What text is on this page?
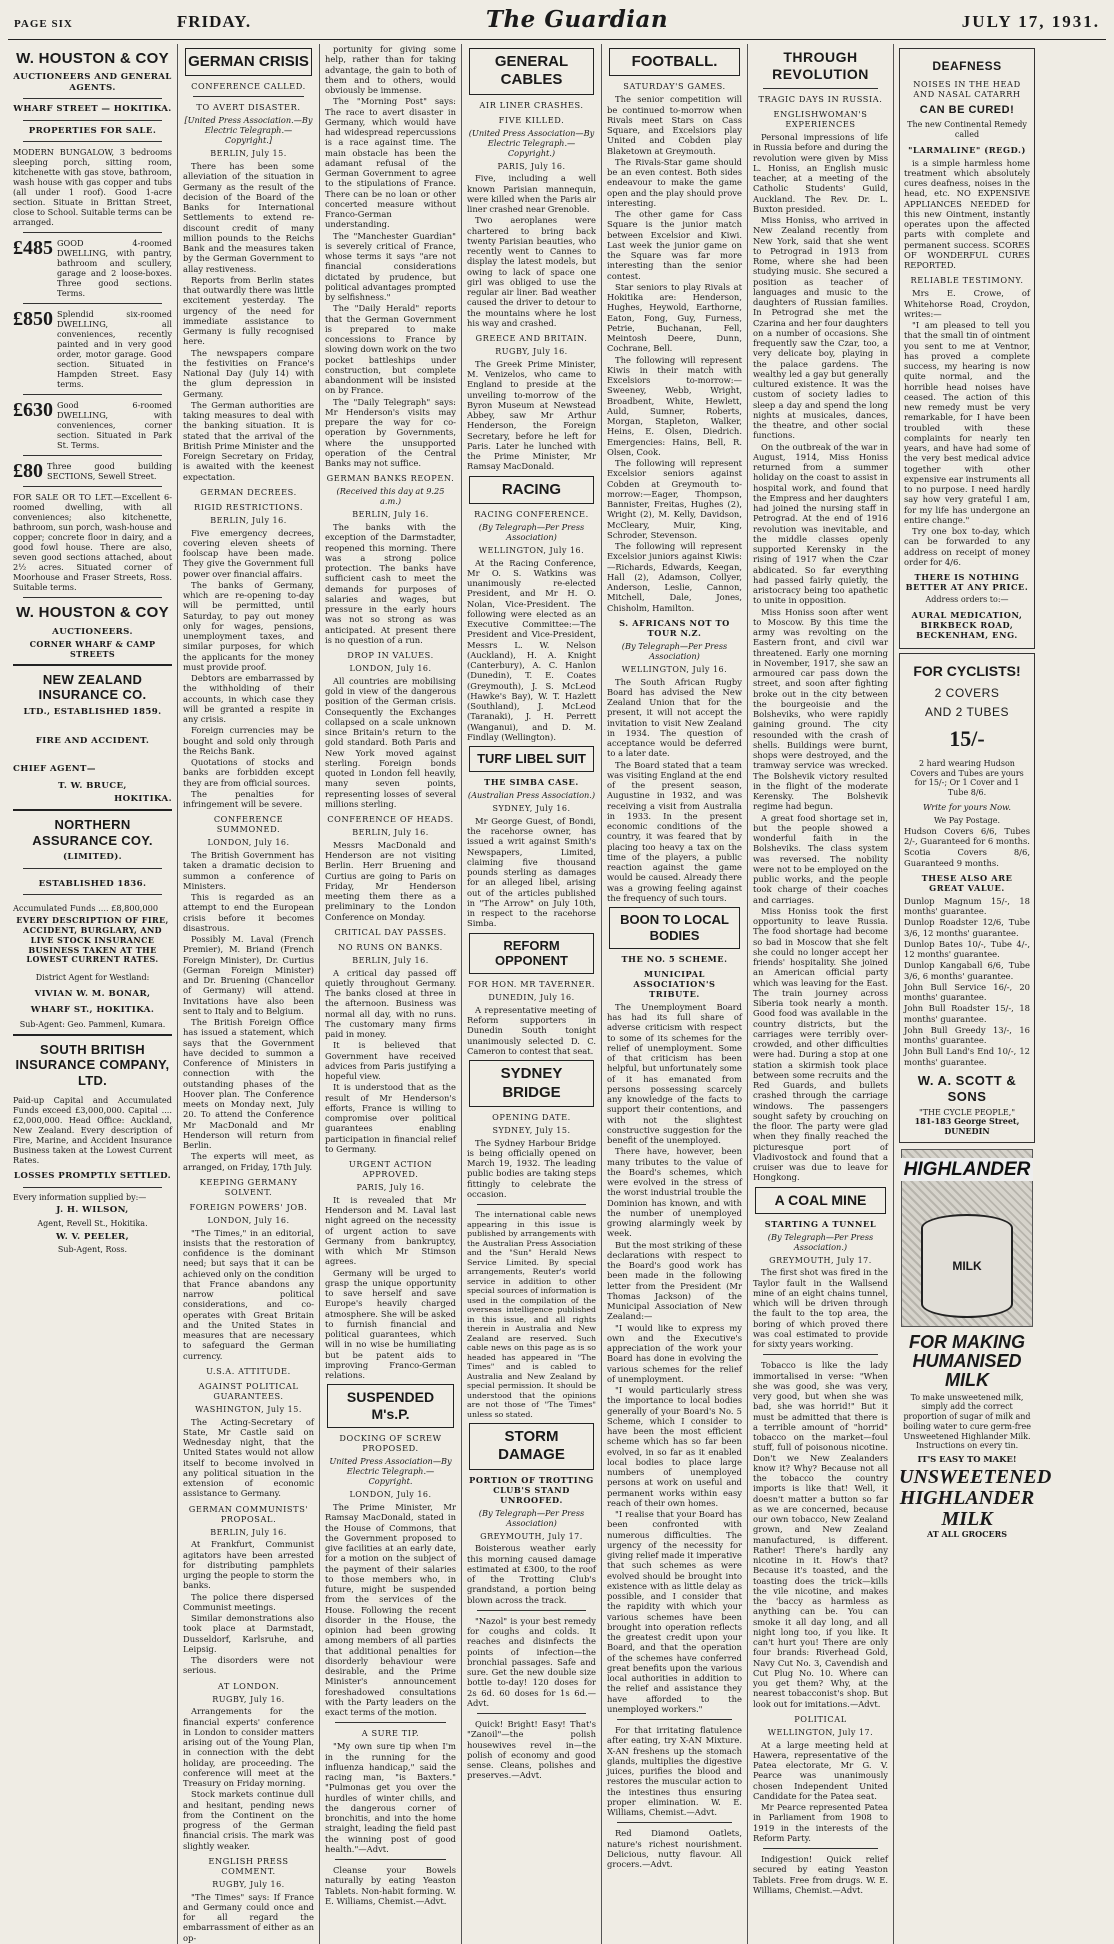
PAGE SIX	FRIDAY.	The Guardian	JULY 17, 1931.
W. HOUSTON & COY
AUCTIONEERS AND GENERAL AGENTS.
WHARF STREET — HOKITIKA.
PROPERTIES FOR SALE.
MODERN BUNGALOW, 3 bedrooms sleeping porch, sitting room, kitchenette with gas stove, bathroom, wash house with gas copper and tubs (all under 1 roof). Good 1-acre section. Situate in Brittan Street, close to School. Suitable terms can be arranged.
£485 GOOD 4-roomed DWELLING, with pantry, bathroom and scullery, garage and 2 loose-boxes. Three good sections. Terms.
£850 Splendid six-roomed DWELLING, all conveniences, recently painted and in very good order, motor garage. Good section. Situated in Hampden Street. Easy terms.
£630 Good 6-roomed DWELLING, with conveniences, corner section. Situated in Park St. Terms.
£80 Three good building SECTIONS, Sewell Street.
FOR SALE OR TO LET.—Excellent 6-roomed dwelling, with all conveniences; also kitchenette, bathroom, sun porch, wash-house and copper; concrete floor in dairy, and a good fowl house. There are also, seven good sections attached, about 2½ acres. Situated corner of Moorhouse and Fraser Streets, Ross. Suitable terms.
W. HOUSTON & COY
AUCTIONEERS.
CORNER WHARF & CAMP STREETS
NEW ZEALAND INSURANCE CO.
LTD., ESTABLISHED 1859.
FIRE AND ACCIDENT.
CHIEF AGENT—
T. W. BRUCE,
HOKITIKA.
NORTHERN ASSURANCE COY.
(LIMITED).
ESTABLISHED 1836.
Accumulated Funds .... £8,800,000
EVERY DESCRIPTION OF FIRE, ACCIDENT, BURGLARY, AND LIVE STOCK INSURANCE BUSINESS TAKEN AT THE LOWEST CURRENT RATES.
District Agent for Westland:
VIVIAN W. M. BONAR,
WHARF ST., HOKITIKA.
Sub-Agent: Geo. Pammenl, Kumara.
SOUTH BRITISH INSURANCE COMPANY, LTD.
Paid-up Capital and Accumulated Funds exceed £3,000,000. Capital .... £2,000,000. Head Office: Auckland, New Zealand. Every description of Fire, Marine, and Accident Insurance Business taken at the Lowest Current Rates.
LOSSES PROMPTLY SETTLED.
Every information supplied by:—
J. H. WILSON,
Agent, Revell St., Hokitika.
W. V. PEELER,
Sub-Agent, Ross.
GERMAN CRISIS
CONFERENCE CALLED.
TO AVERT DISASTER.
[United Press Association.—By Electric Telegraph.—Copyright.]
BERLIN, July 15.
There has been some alleviation of the situation in Germany as the result of the decision of the Board of the Banks for International Settlements to extend re-discount credit of many million pounds to the Reichs Bank and the measures taken by the German Government to allay restiveness.
Reports from Berlin states that outwardly there was little excitement yesterday. The urgency of the need for immediate assistance to Germany is fully recognised here.
The newspapers compare the festivities on France's National Day (July 14) with the glum depression in Germany.
The German authorities are taking measures to deal with the banking situation. It is stated that the arrival of the British Prime Minister and the Foreign Secretary on Friday, is awaited with the keenest expectation.
GERMAN DECREES.
RIGID RESTRICTIONS.
BERLIN, July 16.
Five emergency decrees, covering eleven sheets of foolscap have been made. They give the Government full power over financial affairs.
The banks of Germany, which are re-opening to-day will be permitted, until Saturday, to pay out money only for wages, pensions, unemployment taxes, and similar purposes, for which the applicants for the money must provide proof.
Debtors are embarrassed by the withholding of their accounts, in which case they will be granted a respite in any crisis.
Foreign currencies may be bought and sold only through the Reichs Bank.
Quotations of stocks and banks are forbidden except they are from official sources.
The penalties for infringement will be severe.
CONFERENCE SUMMONED.
LONDON, July 16.
The British Government has taken a dramatic decision to summon a conference of Ministers.
This is regarded as an attempt to end the European crisis before it becomes disastrous.
Possibly M. Laval (French Premier), M. Briand (French Foreign Minister), Dr. Curtius (German Foreign Minister) and Dr. Bruening (Chancellor of Germany) will attend. Invitations have also been sent to Italy and to Belgium.
The British Foreign Office has issued a statement, which says that the Government have decided to summon a Conference of Ministers in connection with the outstanding phases of the Hoover plan. The Conference meets on Monday next, July 20. To attend the Conference Mr MacDonald and Mr Henderson will return from Berlin.
The experts will meet, as arranged, on Friday, 17th July.
KEEPING GERMANY SOLVENT.
FOREIGN POWERS' JOB.
LONDON, July 16.
"The Times," in an editorial, insists that the restoration of confidence is the dominant need; but says that it can be achieved only on the condition that France abandons any narrow political considerations, and co-operates with Great Britain and the United States in measures that are necessary to safeguard the German currency.
U.S.A. ATTITUDE.
AGAINST POLITICAL GUARANTEES.
WASHINGTON, July 15.
The Acting-Secretary of State, Mr Castle said on Wednesday night, that the United States would not allow itself to become involved in any political situation in the extension of economic assistance to Germany.
GERMAN COMMUNISTS' PROPOSAL.
BERLIN, July 16.
At Frankfurt, Communist agitators have been arrested for distributing pamphlets urging the people to storm the banks.
The police there dispersed Communist meetings.
Similar demonstrations also took place at Darmstadt, Dusseldorf, Karlsruhe, and Leipsig.
The disorders were not serious.
AT LONDON.
RUGBY, July 16.
Arrangements for the financial experts' conference in London to consider matters arising out of the Young Plan, in connection with the debt holiday, are proceeding. The conference will meet at the Treasury on Friday morning.
Stock markets continue dull and hesitant, pending news from the Continent on the progress of the German financial crisis. The mark was slightly weaker.
ENGLISH PRESS COMMENT.
RUGBY, July 16.
"The Times" says: If France and Germany could once and for all regard the embarrassment of either as an op-
portunity for giving some help, rather than for taking advantage, the gain to both of them and to others, would obviously be immense.
The "Morning Post" says: The race to avert disaster in Germany, which would have had widespread repercussions is a race against time. The main obstacle has been the adamant refusal of the German Government to agree to the stipulations of France. There can be no loan or other concerted measure without Franco-German understanding.
The "Manchester Guardian" is severely critical of France, whose terms it says "are not financial considerations dictated by prudence, but political advantages prompted by selfishness."
The "Daily Herald" reports that the German Government is prepared to make concessions to France by slowing down work on the two pocket battleships under construction, but complete abandonment will be insisted on by France.
The "Daily Telegraph" says: Mr Henderson's visits may prepare the way for co-operation by Governments, where the unsupported operation of the Central Banks may not suffice.
GERMAN BANKS REOPEN.
(Received this day at 9.25 a.m.)
BERLIN, July 16.
The banks with the exception of the Darmstadter, reopened this morning. There was a strong police protection. The banks have sufficient cash to meet the demands for purposes of salaries and wages, but pressure in the early hours was not so strong as was anticipated. At present there is no question of a run.
DROP IN VALUES.
LONDON, July 16.
All countries are mobilising gold in view of the dangerous position of the German crisis. Consequently the Exchanges collapsed on a scale unknown since Britain's return to the gold standard. Both Paris and New York moved against sterling. Foreign bonds quoted in London fell heavily, many seven points, representing losses of several millions sterling.
CONFERENCE OF HEADS.
BERLIN, July 16.
Messrs MacDonald and Henderson are not visiting Berlin. Herr Bruening and Curtius are going to Paris on Friday, Mr Henderson meeting them there as a preliminary to the London Conference on Monday.
CRITICAL DAY PASSES.
NO RUNS ON BANKS.
BERLIN, July 16.
A critical day passed off quietly throughout Germany. The banks closed at three in the afternoon. Business was normal all day, with no runs. The customary many firms paid in money.
It is believed that Government have received advices from Paris justifying a hopeful view.
It is understood that as the result of Mr Henderson's efforts, France is willing to compromise over political guarantees enabling participation in financial relief to Germany.
URGENT ACTION APPROVED.
PARIS, July 16.
It is revealed that Mr Henderson and M. Laval last night agreed on the necessity of urgent action to save Germany from bankruptcy, with which Mr Stimson agrees.
Germany will be urged to grasp the unique opportunity to save herself and save Europe's heavily charged atmosphere. She will be asked to furnish financial and political guarantees, which will in no wise be humiliating but be patent aids to improving Franco-German relations.
SUSPENDED M's.P.
DOCKING OF SCREW PROPOSED.
United Press Association—By Electric Telegraph.—Copyright.
LONDON, July 16.
The Prime Minister, Mr Ramsay MacDonald, stated in the House of Commons, that the Government proposed to give facilities at an early date, for a motion on the subject of the payment of their salaries to those members who, in future, might be suspended from the services of the House. Following the recent disorder in the House, the opinion had been growing among members of all parties that additional penalties for disorderly behaviour were desirable, and the Prime Minister's announcement foreshadowed consultations with the Party leaders on the exact terms of the motion.
A SURE TIP.
"My own sure tip when I'm in the running for the influenza handicap," said the racing man, "is Baxters." "Pulmonas get you over the hurdles of winter chills, and the dangerous corner of bronchitis, and into the home straight, leading the field past the winning post of good health."—Advt.
Cleanse your Bowels naturally by eating Yeaston Tablets. Non-habit forming. W. E. Williams, Chemist.—Advt.
GENERAL CABLES
AIR LINER CRASHES.
FIVE KILLED.
(United Press Association—By Electric Telegraph.—Copyright.)
PARIS, July 16.
Five, including a well known Parisian mannequin, were killed when the Paris air liner crashed near Grenoble.
Two aeroplanes were chartered to bring back twenty Parisian beauties, who recently went to Cannes to display the latest models, but owing to lack of space one girl was obliged to use the regular air liner. Bad weather caused the driver to detour to the mountains where he lost his way and crashed.
GREECE AND BRITAIN.
RUGBY, July 16.
The Greek Prime Minister, M. Venizelos, who came to England to preside at the unveiling to-morrow of the Byron Museum at Newstead Abbey, saw Mr Arthur Henderson, the Foreign Secretary, before he left for Paris. Later he lunched with the Prime Minister, Mr Ramsay MacDonald.
RACING
RACING CONFERENCE.
(By Telegraph—Per Press Association)
WELLINGTON, July 16.
At the Racing Conference, Mr O. S. Watkins was unanimously re-elected President, and Mr H. O. Nolan, Vice-President. The following were elected as an Executive Committee:—The President and Vice-President, Messrs L. W. Nelson (Auckland), H. A. Knight (Canterbury), A. C. Hanlon (Dunedin), T. E. Coates (Greymouth), J. S. McLeod (Hawke's Bay), W. T. Hazlett (Southland), J. McLeod (Taranaki), J. H. Perrett (Wanganui), and D. M. Findlay (Wellington).
TURF LIBEL SUIT
THE SIMBA CASE.
(Australian Press Association.)
SYDNEY, July 16.
Mr George Guest, of Bondi, the racehorse owner, has issued a writ against Smith's Newspapers, Limited, claiming five thousand pounds sterling as damages for an alleged libel, arising out of the articles published in "The Arrow" on July 10th, in respect to the racehorse Simba.
REFORM OPPONENT
FOR HON. MR TAVERNER.
DUNEDIN, July 16.
A representative meeting of Reform supporters in Dunedin South tonight unanimously selected D. C. Cameron to contest that seat.
SYDNEY BRIDGE
OPENING DATE.
SYDNEY, July 15.
The Sydney Harbour Bridge is being officially opened on March 19, 1932. The leading public bodies are taking steps fittingly to celebrate the occasion.
The international cable news appearing in this issue is published by arrangements with the Australian Press Association and the "Sun" Herald News Service Limited. By special arrangements, Reuter's world service in addition to other special sources of information is used in the compilation of the overseas intelligence published in this issue, and all rights therein in Australia and New Zealand are reserved. Such cable news on this page as is so headed has appeared in "The Times" and is cabled to Australia and New Zealand by special permission. It should be understood that the opinions are not those of "The Times" unless so stated.
STORM DAMAGE
PORTION OF TROTTING CLUB'S STAND UNROOFED.
(By Telegraph—Per Press Association)
GREYMOUTH, July 17.
Boisterous weather early this morning caused damage estimated at £300, to the roof of the Trotting Club's grandstand, a portion being blown across the track.
"Nazol" is your best remedy for coughs and colds. It reaches and disinfects the points of infection—the bronchial passages. Safe and sure. Get the new double size bottle to-day! 120 doses for 2s 6d. 60 doses for 1s 6d.—Advt.
Quick! Bright! Easy! That's "Zanoil"—the polish housewives revel in—the polish of economy and good sense. Cleans, polishes and preserves.—Advt.
FOOTBALL.
SATURDAY'S GAMES.
The senior competition will be continued to-morrow when Rivals meet Stars on Cass Square, and Excelsiors play United and Cobden play Blaketown at Greymouth.
The Rivals-Star game should be an even contest. Both sides endeavour to make the game open and the play should prove interesting.
The other game for Cass Square is the junior match between Excelsior and Kiwi. Last week the junior game on the Square was far more interesting than the senior contest.
Star seniors to play Rivals at Hokitika are: Henderson, Hughes, Heywold, Earthorne, Eaton, Fong, Guy, Furness, Petrie, Buchanan, Fell, Meintosh Deere, Dunn, Cochrane, Bell.
The following will represent Kiwis in their match with Excelsiors to-morrow:—Sweeney, Webb, Wright, Broadbent, White, Hewlett, Auld, Sumner, Roberts, Morgan, Stapleton, Walker, Heins, E. Olsen, Diedrich. Emergencies: Hains, Bell, R. Olsen, Cook.
The following will represent Excelsior seniors against Cobden at Greymouth to-morrow:—Eager, Thompson, Bannister, Freitas, Hughes (2), Wright (2), M. Kelly, Davidson, McCleary, Muir, King, Schroder, Stevenson.
The following will represent Excelsior juniors against Kiwis:—Richards, Edwards, Keegan, Hall (2), Adamson, Collyer, Anderson, Leslie, Cannon, Mitchell, Dale, Jones, Chisholm, Hamilton.
S. AFRICANS NOT TO TOUR N.Z.
(By Telegraph—Per Press Association)
WELLINGTON, July 16.
The South African Rugby Board has advised the New Zealand Union that for the present, it will not accept the invitation to visit New Zealand in 1934. The question of acceptance would be deferred to a later date.
The Board stated that a team was visiting England at the end of the present season, Augustine in 1932, and was receiving a visit from Australia in 1933. In the present economic conditions of the country, it was feared that by placing too heavy a tax on the time of the players, a public reaction against the game would be caused. Already there was a growing feeling against the frequency of such tours.
BOON TO LOCAL BODIES
THE NO. 5 SCHEME.
MUNICIPAL ASSOCIATION'S TRIBUTE.
The Unemployment Board has had its full share of adverse criticism with respect to some of its schemes for the relief of unemployment. Some of that criticism has been helpful, but unfortunately some of it has emanated from persons possessing scarcely any knowledge of the facts to support their contentions, and with not the slightest constructive suggestion for the benefit of the unemployed.
There have, however, been many tributes to the value of the Board's schemes, which were evolved in the stress of the worst industrial trouble the Dominion has known, and with the number of unemployed growing alarmingly week by week.
But the most striking of these declarations with respect to the Board's good work has been made in the following letter from the President (Mr Thomas Jackson) of the Municipal Association of New Zealand:—
"I would like to express my own and the Executive's appreciation of the work your Board has done in evolving the various schemes for the relief of unemployment.
"I would particularly stress the importance to local bodies generally of your Board's No. 5 Scheme, which I consider to have been the most efficient scheme which has so far been evolved, in so far as it enabled local bodies to place large numbers of unemployed persons at work on useful and permanent works within easy reach of their own homes.
"I realise that your Board has been confronted with numerous difficulties. The urgency of the necessity for giving relief made it imperative that such schemes as were evolved should be brought into existence with as little delay as possible, and I consider that the rapidity with which your various schemes have been brought into operation reflects the greatest credit upon your Board, and that the operation of the schemes have conferred great benefits upon the various local authorities in addition to the relief and assistance they have afforded to the unemployed workers."
For that irritating flatulence after eating, try X-AN Mixture. X-AN freshens up the stomach glands, multiplies the digestive juices, purifies the blood and restores the muscular action to the intestines thus ensuring proper elimination. W. E. Williams, Chemist.—Advt.
Red Diamond Oatlets, nature's richest nourishment. Delicious, nutty flavour. All grocers.—Advt.
THROUGH REVOLUTION
TRAGIC DAYS IN RUSSIA.
ENGLISHWOMAN'S EXPERIENCES
Personal impressions of life in Russia before and during the revolution were given by Miss L. Honiss, an English music teacher, at a meeting of the Catholic Students' Guild, Auckland. The Rev. Dr. L. Buxton presided.
Miss Honiss, who arrived in New Zealand recently from New York, said that she went to Petrograd in 1913 from Rome, where she had been studying music. She secured a position as teacher of languages and music to the daughters of Russian families. In Petrograd she met the Czarina and her four daughters on a number of occasions. She frequently saw the Czar, too, a very delicate boy, playing in the palace gardens. The wealthy led a gay but generally cultured existence. It was the custom of society ladies to sleep a day and spend the long nights at musicales, dances, the theatre, and other social functions.
On the outbreak of the war in August, 1914, Miss Honiss returned from a summer holiday on the coast to assist in hospital work, and found that the Empress and her daughters had joined the nursing staff in Petrograd. At the end of 1916 revolution was inevitable, and the middle classes openly supported Kerensky in the rising of 1917 when the Czar abdicated. So far everything had passed fairly quietly, the aristocracy being too apathetic to unite in opposition.
Miss Honiss soon after went to Moscow. By this time the army was revolting on the Eastern front, and civil war threatened. Early one morning in November, 1917, she saw an armoured car pass down the street, and soon after fighting broke out in the city between the bourgeoisie and the Bolsheviks, who were rapidly gaining ground. The city resounded with the crash of shells. Buildings were burnt, shops were destroyed, and the tramway service was wrecked. The Bolshevik victory resulted in the flight of the moderate Kerensky. The Bolshevik regime had begun.
A great food shortage set in, but the people showed a wonderful faith in the Bolsheviks. The class system was reversed. The nobility were not to be employed on the public works, and the people took charge of their coaches and carriages.
Miss Honiss took the first opportunity to leave Russia. The food shortage had become so bad in Moscow that she felt she could no longer accept her friends' hospitality. She joined an American official party which was leaving for the East. The train journey across Siberia took nearly a month. Good food was available in the country districts, but the carriages were terribly over-crowded, and other difficulties were had. During a stop at one station a skirmish took place between some recruits and the Red Guards, and bullets crashed through the carriage windows. The passengers sought safety by crouching on the floor. The party were glad when they finally reached the picturesque port of Vladivostock and found that a cruiser was due to leave for Hongkong.
A COAL MINE
STARTING A TUNNEL
(By Telegraph—Per Press Association.)
GREYMOUTH, July 17.
The first shot was fired in the Taylor fault in the Wallsend mine of an eight chains tunnel, which will be driven through the fault to the top area, the boring of which proved there was coal estimated to provide for sixty years working.
Tobacco is like the lady immortalised in verse: "When she was good, she was very, very good, but when she was bad, she was horrid!" But it must be admitted that there is a terrible amount of "horrid" tobacco on the market—foul stuff, full of poisonous nicotine. Don't we New Zealanders know it? Why? Because not all the tobacco the country imports is like that! Well, it doesn't matter a button so far as we are concerned, because our own tobacco, New Zealand grown, and New Zealand manufactured, is different. Rather! There's hardly any nicotine in it. How's that? Because it's toasted, and the toasting does the trick—kills the vile nicotine, and makes the 'baccy as harmless as anything can be. You can smoke it all day long, and all night long too, if you like. It can't hurt you! There are only four brands: Riverhead Gold, Navy Cut No. 3, Cavendish and Cut Plug No. 10. Where can you get them? Why, at the nearest tobacconist's shop. But look out for imitations.—Advt.
POLITICAL
WELLINGTON, July 17.
At a large meeting held at Hawera, representative of the Patea electorate, Mr G. V. Pearce was unanimously chosen Independent United Candidate for the Patea seat.
Mr Pearce represented Patea in Parliament from 1908 to 1919 in the interests of the Reform Party.
Indigestion! Quick relief secured by eating Yeaston Tablets. Free from drugs. W. E. Williams, Chemist.—Advt.
DEAFNESS
NOISES IN THE HEAD AND NASAL CATARRH
CAN BE CURED!
The new Continental Remedy called
"LARMALINE" (REGD.)
is a simple harmless home treatment which absolutely cures deafness, noises in the head, etc. NO EXPENSIVE APPLIANCES NEEDED for this new Ointment, instantly operates upon the affected parts with complete and permanent success. SCORES OF WONDERFUL CURES REPORTED.
RELIABLE TESTIMONY.
Mrs E. Crowe, of Whitehorse Road, Croydon, writes:—
"I am pleased to tell you that the small tin of ointment you sent to me at Ventnor, has proved a complete success, my hearing is now quite normal, and the horrible head noises have ceased. The action of this new remedy must be very remarkable, for I have been troubled with these complaints for nearly ten years, and have had some of the very best medical advice together with other expensive ear instruments all to no purpose. I need hardly say how very grateful I am, for my life has undergone an entire change."
Try one box to-day, which can be forwarded to any address on receipt of money order for 4/6.
THERE IS NOTHING BETTER AT ANY PRICE.
Address orders to:—
AURAL MEDICATION, BIRKBECK ROAD, BECKENHAM, ENG.
FOR CYCLISTS!
2 COVERS
AND 2 TUBES
15/-
2 hard wearing Hudson Covers and Tubes are yours for 15/-; Or 1 Cover and 1 Tube 8/6.
Write for yours Now.
We Pay Postage.
Hudson Covers 6/6, Tubes 2/-, Guaranteed for 6 months.
Scotia Covers 8/6, Guaranteed 9 months.
THESE ALSO ARE GREAT VALUE.
Dunlop Magnum 15/-, 18 months' guarantee.
Dunlop Roadster 12/6, Tube 3/6, 12 months' guarantee.
Dunlop Bates 10/-, Tube 4/-, 12 months' guarantee.
Dunlop Kangaball 6/6, Tube 3/6, 6 months' guarantee.
John Bull Service 16/-, 20 months' guarantee.
John Bull Roadster 15/-, 18 months' guarantee.
John Bull Greedy 13/-, 16 months' guarantee.
John Bull Land's End 10/-, 12 months' guarantee.
W. A. SCOTT & SONS
"THE CYCLE PEOPLE,"
181-183 George Street, DUNEDIN
HIGHLANDER
MILK
FOR MAKING HUMANISED MILK
To make unsweetened milk, simply add the correct proportion of sugar of milk and boiling water to cure germ-free Unsweetened Highlander Milk. Instructions on every tin.
IT'S EASY TO MAKE!
UNSWEETENED HIGHLANDER MILK
AT ALL GROCERS
